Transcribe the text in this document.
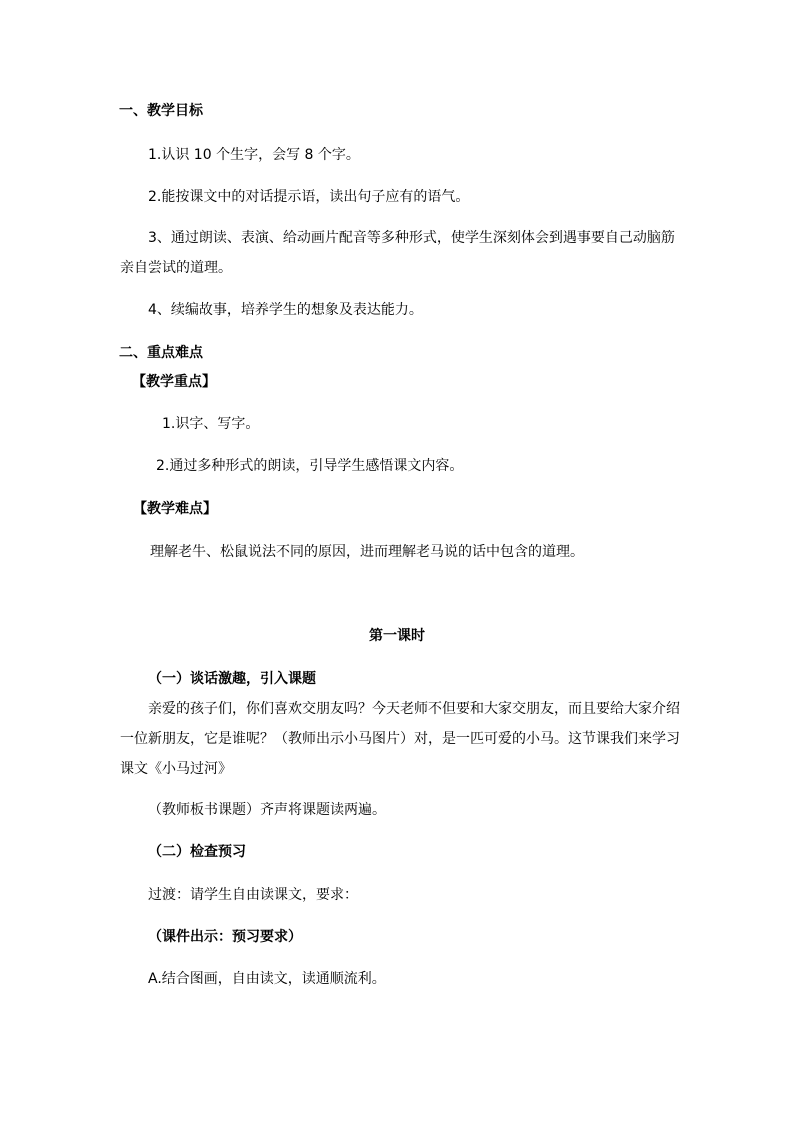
一、教学目标

1.认识 10 个生字，会写 8 个字。

2.能按课文中的对话提示语，读出句子应有的语气。

3、通过朗读、表演、给动画片配音等多种形式，使学生深刻体会到遇事要自己动脑筋

亲自尝试的道理。

4、续编故事，培养学生的想象及表达能力。

二、重点难点

【教学重点】

1.识字、写字。

2.通过多种形式的朗读，引导学生感悟课文内容。

【教学难点】

理解老牛、松鼠说法不同的原因，进而理解老马说的话中包含的道理。

第一课时

（一）谈话激趣，引入课题

亲爱的孩子们，你们喜欢交朋友吗？今天老师不但要和大家交朋友，而且要给大家介绍

一位新朋友，它是谁呢？（教师出示小马图片）对，是一匹可爱的小马。这节课我们来学习

课文《小马过河》

（教师板书课题）齐声将课题读两遍。

（二）检查预习

过渡：请学生自由读课文，要求：

（课件出示：预习要求）

A.结合图画，自由读文，读通顺流利。
